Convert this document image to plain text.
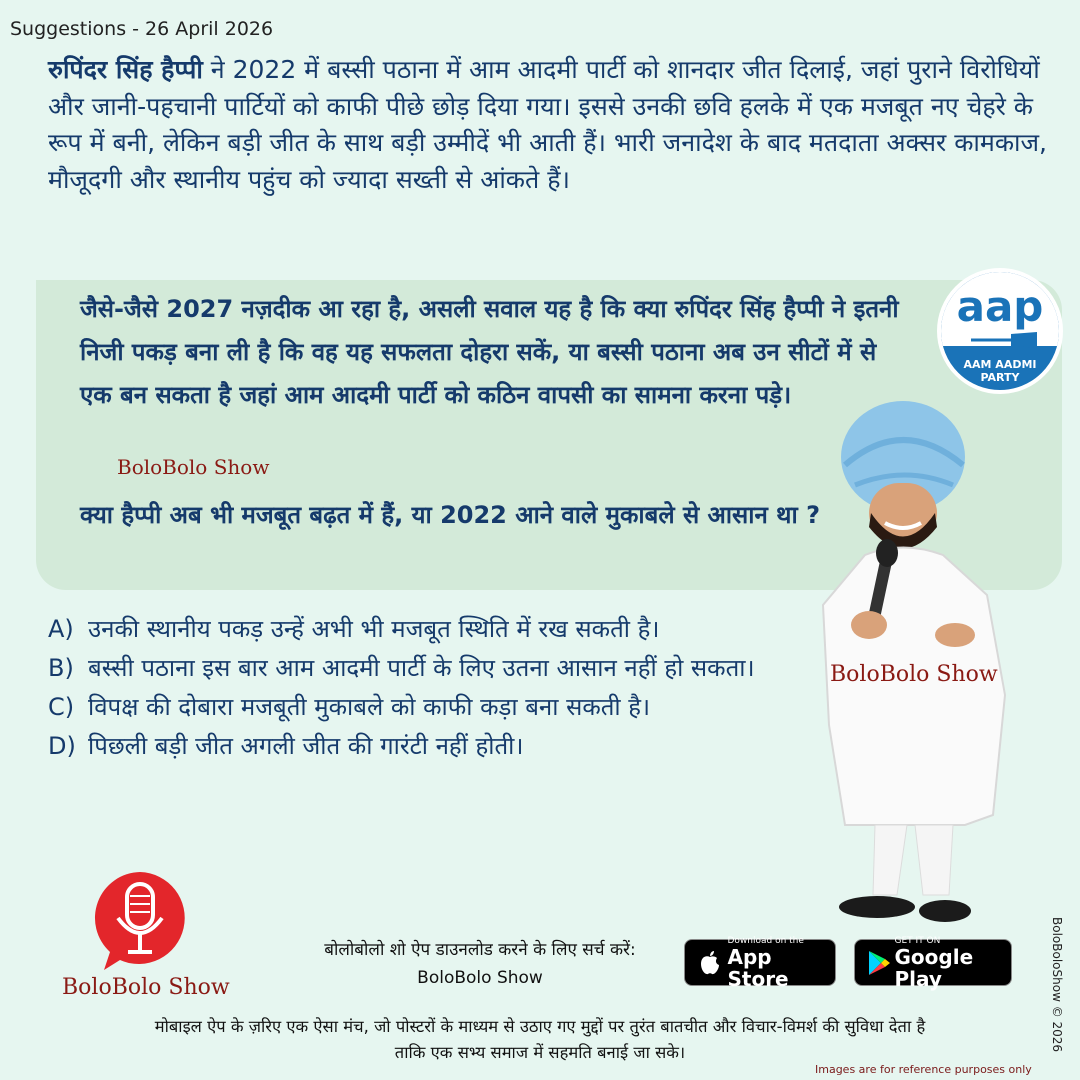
Suggestions - 26 April 2026
रुपिंदर सिंह हैप्पी ने 2022 में बस्सी पठाना में आम आदमी पार्टी को शानदार जीत दिलाई, जहां पुराने विरोधियों और जानी-पहचानी पार्टियों को काफी पीछे छोड़ दिया गया। इससे उनकी छवि हलके में एक मजबूत नए चेहरे के रूप में बनी, लेकिन बड़ी जीत के साथ बड़ी उम्मीदें भी आती हैं। भारी जनादेश के बाद मतदाता अक्सर कामकाज, मौजूदगी और स्थानीय पहुंच को ज्यादा सख्ती से आंकते हैं।
जैसे-जैसे 2027 नज़दीक आ रहा है, असली सवाल यह है कि क्या रुपिंदर सिंह हैप्पी ने इतनी निजी पकड़ बना ली है कि वह यह सफलता दोहरा सकें, या बस्सी पठाना अब उन सीटों में से एक बन सकता है जहां आम आदमी पार्टी को कठिन वापसी का सामना करना पड़े।
BoloBolo Show
क्या हैप्पी अब भी मजबूत बढ़त में हैं, या 2022 आने वाले मुकाबले से आसान था ?
aap
AAM AADMI
PARTY
A) उनकी स्थानीय पकड़ उन्हें अभी भी मजबूत स्थिति में रख सकती है।
B) बस्सी पठाना इस बार आम आदमी पार्टी के लिए उतना आसान नहीं हो सकता।
C) विपक्ष की दोबारा मजबूती मुकाबले को काफी कड़ा बना सकती है।
D) पिछली बड़ी जीत अगली जीत की गारंटी नहीं होती।
BoloBolo Show
BoloBolo Show
बोलोबोलो शो ऐप डाउनलोड करने के लिए सर्च करें:
BoloBolo Show
Download on the
App Store
GET IT ON
Google Play
मोबाइल ऐप के ज़रिए एक ऐसा मंच, जो पोस्टरों के माध्यम से उठाए गए मुद्दों पर तुरंत बातचीत और विचार-विमर्श की सुविधा देता है
ताकि एक सभ्य समाज में सहमति बनाई जा सके।
Images are for reference purposes only
BoloBoloShow © 2026
